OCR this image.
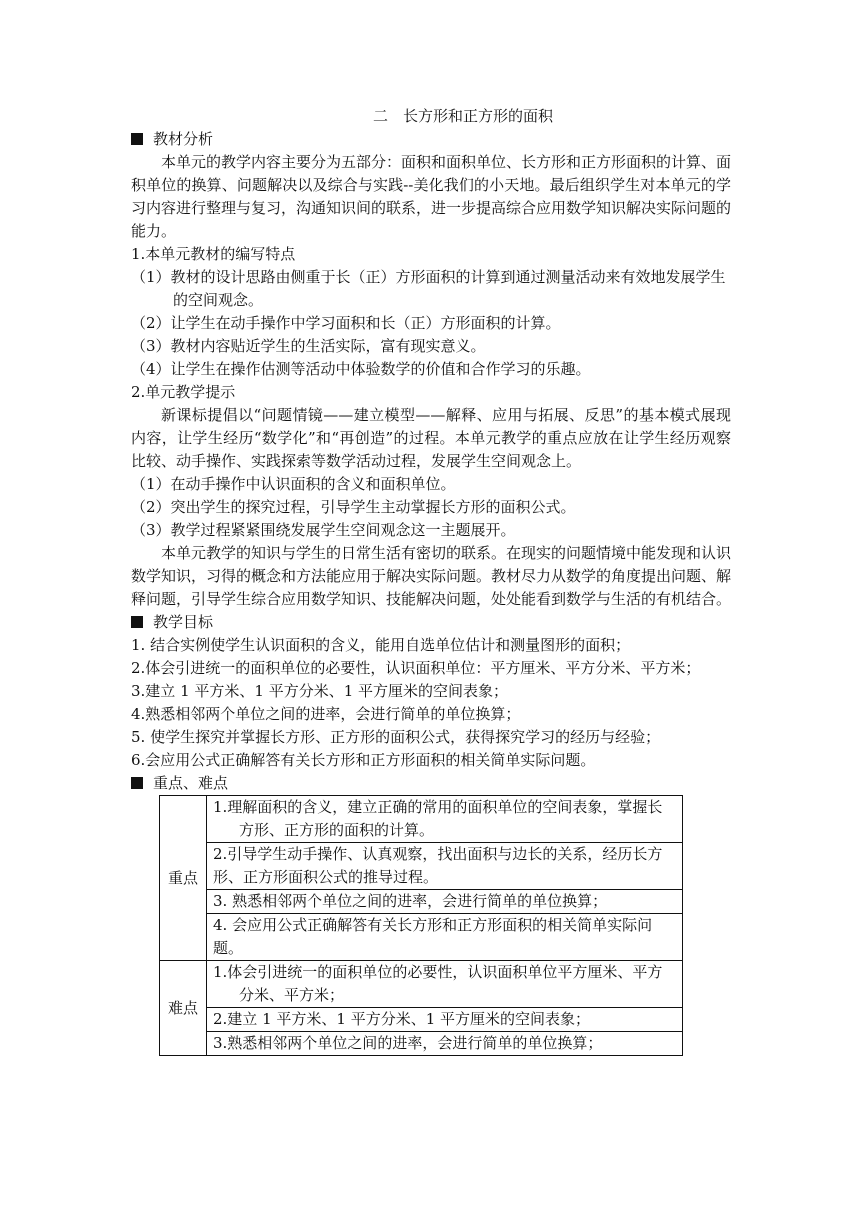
二　长方形和正方形的面积

教材分析

本单元的教学内容主要分为五部分：面积和面积单位、长方形和正方形面积的计算、面积单位的换算、问题解决以及综合与实践--美化我们的小天地。最后组织学生对本单元的学习内容进行整理与复习，沟通知识间的联系，进一步提高综合应用数学知识解决实际问题的能力。

1.本单元教材的编写特点

（1）教材的设计思路由侧重于长（正）方形面积的计算到通过测量活动来有效地发展学生的空间观念。

（2）让学生在动手操作中学习面积和长（正）方形面积的计算。

（3）教材内容贴近学生的生活实际，富有现实意义。

（4）让学生在操作估测等活动中体验数学的价值和合作学习的乐趣。

2.单元教学提示

新课标提倡以“问题情镜——建立模型——解释、应用与拓展、反思”的基本模式展现内容，让学生经历“数学化”和“再创造”的过程。本单元教学的重点应放在让学生经历观察比较、动手操作、实践探索等数学活动过程，发展学生空间观念上。

（1）在动手操作中认识面积的含义和面积单位。

（2）突出学生的探究过程，引导学生主动掌握长方形的面积公式。

（3）教学过程紧紧围绕发展学生空间观念这一主题展开。

本单元教学的知识与学生的日常生活有密切的联系。在现实的问题情境中能发现和认识数学知识，习得的概念和方法能应用于解决实际问题。教材尽力从数学的角度提出问题、解释问题，引导学生综合应用数学知识、技能解决问题，处处能看到数学与生活的有机结合。

教学目标

1. 结合实例使学生认识面积的含义，能用自选单位估计和测量图形的面积；

2.体会引进统一的面积单位的必要性，认识面积单位：平方厘米、平方分米、平方米；

3.建立 1 平方米、1 平方分米、1 平方厘米的空间表象；

4.熟悉相邻两个单位之间的进率，会进行简单的单位换算；

5. 使学生探究并掌握长方形、正方形的面积公式，获得探究学习的经历与经验；

6.会应用公式正确解答有关长方形和正方形面积的相关简单实际问题。

重点、难点

重点	1.理解面积的含义，建立正确的常用的面积单位的空间表象，掌握长方形、正方形的面积的计算。

	2.引导学生动手操作、认真观察，找出面积与边长的关系，经历长方形、正方形面积公式的推导过程。

	3. 熟悉相邻两个单位之间的进率，会进行简单的单位换算；

	4. 会应用公式正确解答有关长方形和正方形面积的相关简单实际问题。

难点	1.体会引进统一的面积单位的必要性，认识面积单位平方厘米、平方分米、平方米；

	2.建立 1 平方米、1 平方分米、1 平方厘米的空间表象；

	3.熟悉相邻两个单位之间的进率，会进行简单的单位换算；
